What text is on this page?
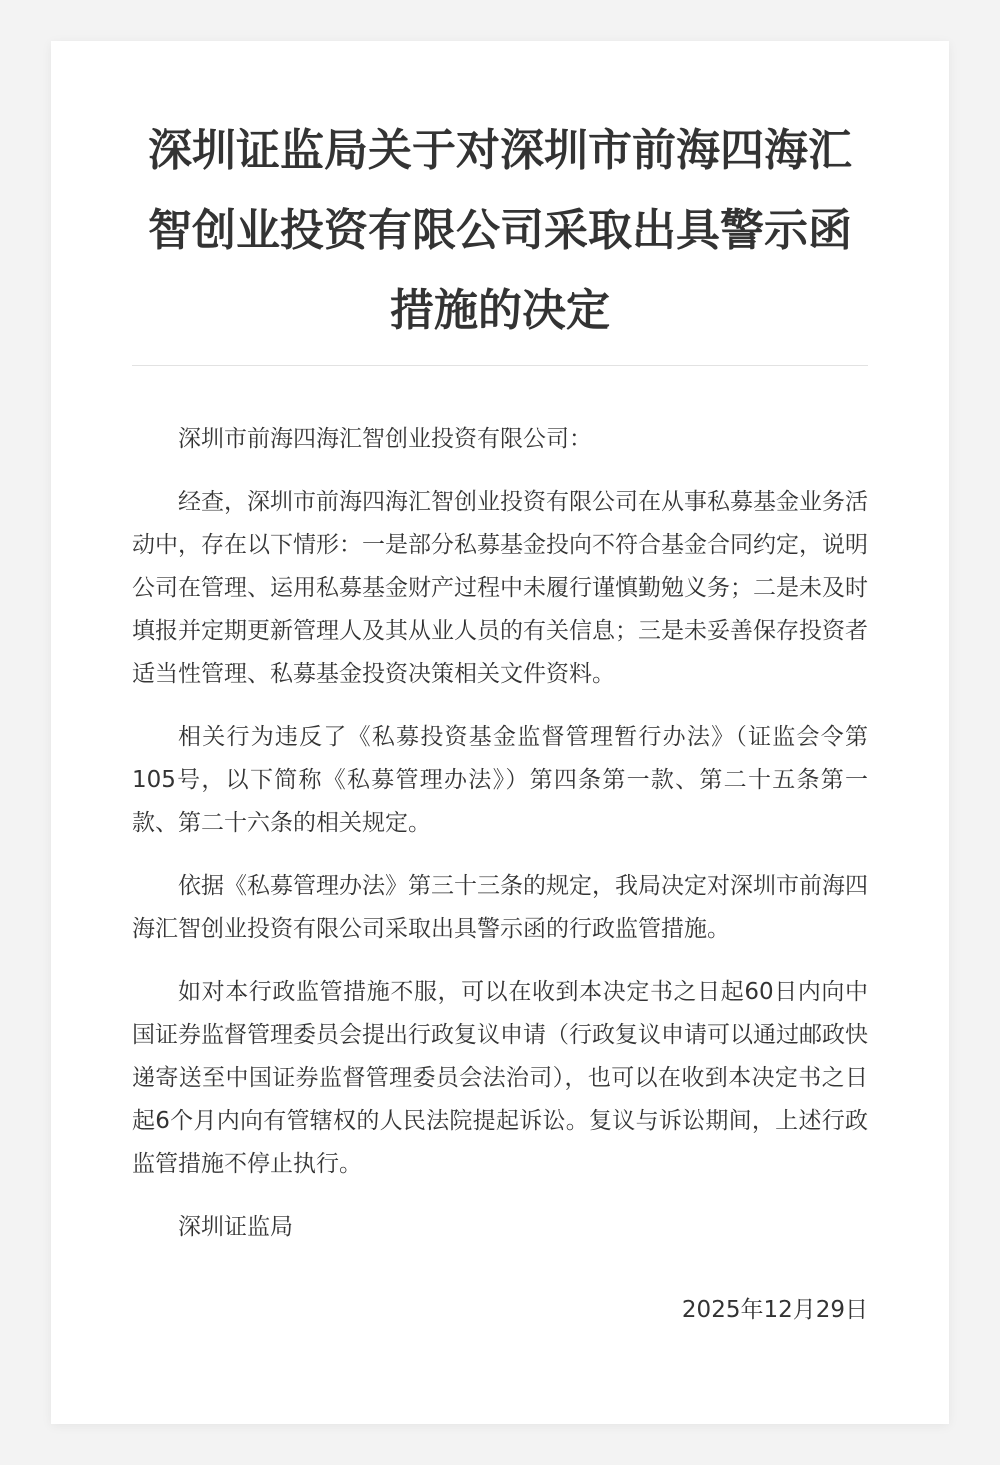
深圳证监局关于对深圳市前海四海汇智创业投资有限公司采取出具警示函措施的决定

深圳市前海四海汇智创业投资有限公司：

经查，深圳市前海四海汇智创业投资有限公司在从事私募基金业务活动中，存在以下情形：一是部分私募基金投向不符合基金合同约定，说明公司在管理、运用私募基金财产过程中未履行谨慎勤勉义务；二是未及时填报并定期更新管理人及其从业人员的有关信息；三是未妥善保存投资者适当性管理、私募基金投资决策相关文件资料。

相关行为违反了《私募投资基金监督管理暂行办法》（证监会令第105号，以下简称《私募管理办法》）第四条第一款、第二十五条第一款、第二十六条的相关规定。

依据《私募管理办法》第三十三条的规定，我局决定对深圳市前海四海汇智创业投资有限公司采取出具警示函的行政监管措施。

如对本行政监管措施不服，可以在收到本决定书之日起60日内向中国证券监督管理委员会提出行政复议申请（行政复议申请可以通过邮政快递寄送至中国证券监督管理委员会法治司），也可以在收到本决定书之日起6个月内向有管辖权的人民法院提起诉讼。复议与诉讼期间，上述行政监管措施不停止执行。

深圳证监局

2025年12月29日
